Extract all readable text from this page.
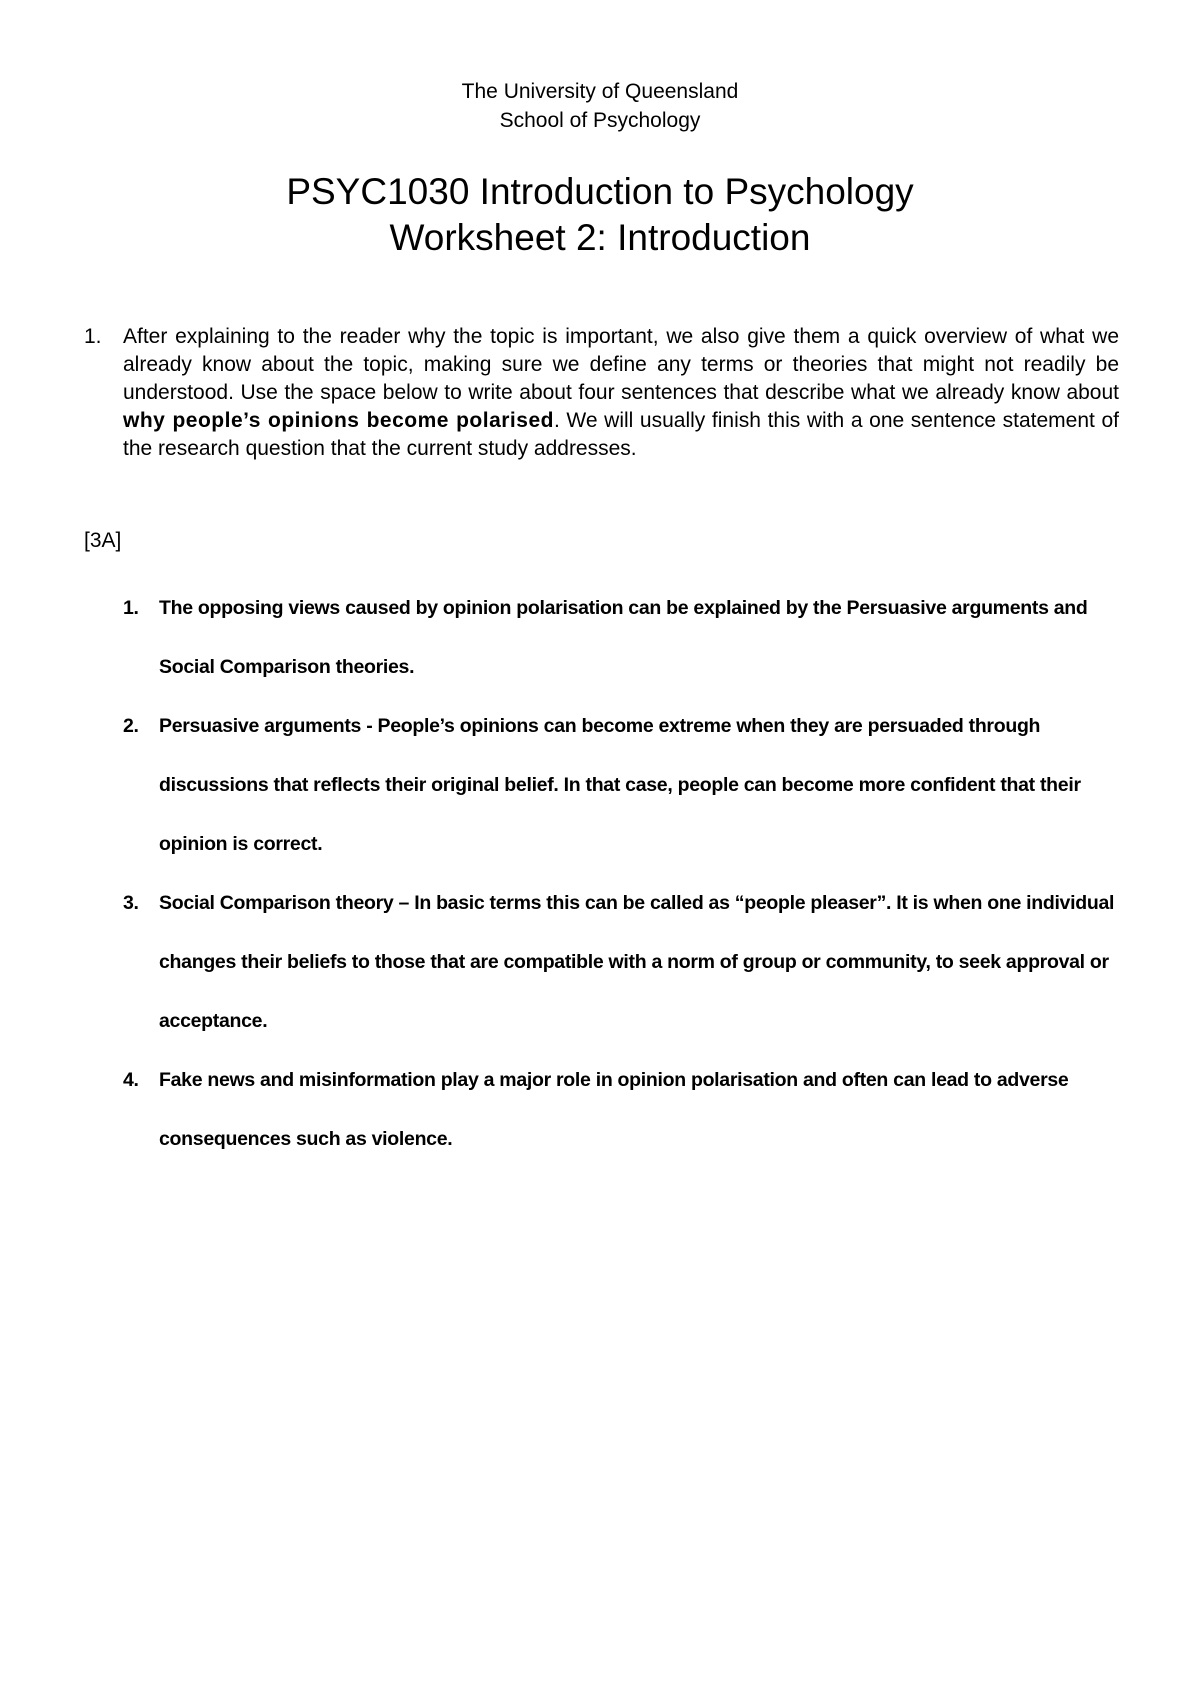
The University of Queensland
School of Psychology
PSYC1030 Introduction to Psychology
Worksheet 2: Introduction
1. After explaining to the reader why the topic is important, we also give them a quick overview of what we already know about the topic, making sure we define any terms or theories that might not readily be understood. Use the space below to write about four sentences that describe what we already know about why people’s opinions become polarised. We will usually finish this with a one sentence statement of the research question that the current study addresses.
[3A]
1. The opposing views caused by opinion polarisation can be explained by the Persuasive arguments and Social Comparison theories.
2. Persuasive arguments - People’s opinions can become extreme when they are persuaded through discussions that reflects their original belief. In that case, people can become more confident that their opinion is correct.
3. Social Comparison theory – In basic terms this can be called as “people pleaser”. It is when one individual changes their beliefs to those that are compatible with a norm of group or community, to seek approval or acceptance.
4. Fake news and misinformation play a major role in opinion polarisation and often can lead to adverse consequences such as violence.
